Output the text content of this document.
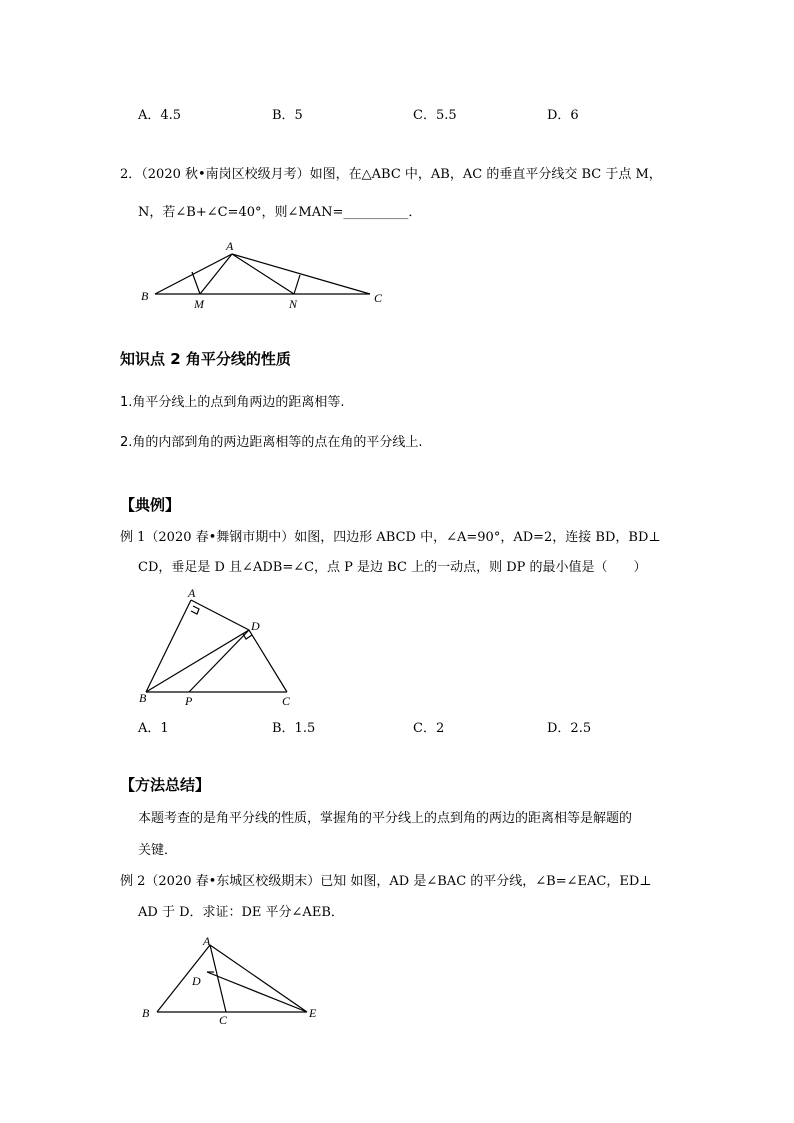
A．4.5	B．5	C．5.5	D．6
2．（2020 秋•南岗区校级月考）如图，在△ABC 中，AB，AC 的垂直平分线交 BC 于点 M，
N，若∠B+∠C=40°，则∠MAN=__________．
A
B
M	N	C
A
D
B	P	C
A
D
B	C	E
知识点 2 角平分线的性质
1.角平分线上的点到角两边的距离相等.
2.角的内部到角的两边距离相等的点在角的平分线上.
【典例】
例 1（2020 春•舞钢市期中）如图，四边形 ABCD 中，∠A=90°，AD=2，连接 BD，BD⊥
CD，垂足是 D 且∠ADB=∠C，点 P 是边 BC 上的一动点，则 DP 的最小值是（　　）
A．1	B．1.5	C．2	D．2.5
【方法总结】
本题考查的是角平分线的性质，掌握角的平分线上的点到角的两边的距离相等是解题的
关键．
例 2（2020 春•东城区校级期末）已知 如图，AD 是∠BAC 的平分线，∠B=∠EAC，ED⊥
AD 于 D．求证：DE 平分∠AEB．
